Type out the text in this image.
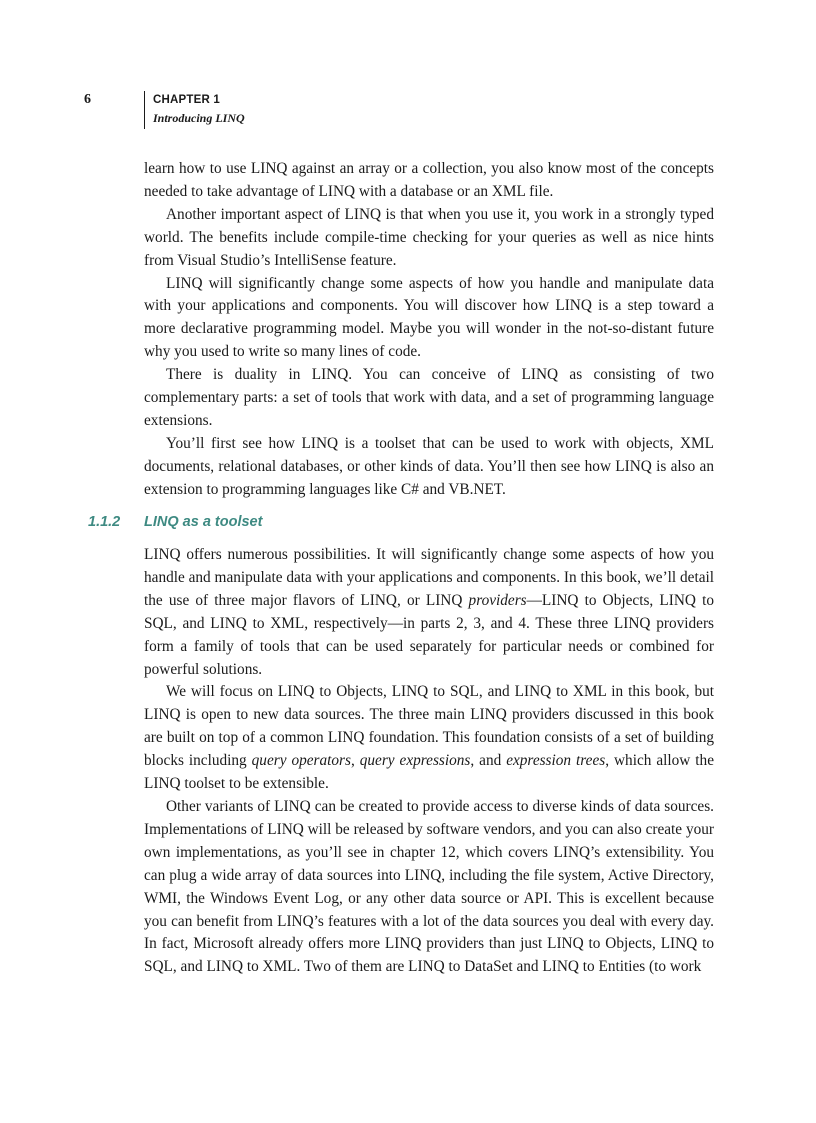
6	CHAPTER 1
Introducing LINQ

learn how to use LINQ against an array or a collection, you also know most of the concepts needed to take advantage of LINQ with a database or an XML file.

Another important aspect of LINQ is that when you use it, you work in a strongly typed world. The benefits include compile-time checking for your queries as well as nice hints from Visual Studio’s IntelliSense feature.

LINQ will significantly change some aspects of how you handle and manipulate data with your applications and components. You will discover how LINQ is a step toward a more declarative programming model. Maybe you will wonder in the not-so-distant future why you used to write so many lines of code.

There is duality in LINQ. You can conceive of LINQ as consisting of two complementary parts: a set of tools that work with data, and a set of programming language extensions.

You’ll first see how LINQ is a toolset that can be used to work with objects, XML documents, relational databases, or other kinds of data. You’ll then see how LINQ is also an extension to programming languages like C# and VB.NET.

1.1.2 LINQ as a toolset

LINQ offers numerous possibilities. It will significantly change some aspects of how you handle and manipulate data with your applications and components. In this book, we’ll detail the use of three major flavors of LINQ, or LINQ providers—LINQ to Objects, LINQ to SQL, and LINQ to XML, respectively—in parts 2, 3, and 4. These three LINQ providers form a family of tools that can be used separately for particular needs or combined for powerful solutions.

We will focus on LINQ to Objects, LINQ to SQL, and LINQ to XML in this book, but LINQ is open to new data sources. The three main LINQ providers discussed in this book are built on top of a common LINQ foundation. This foundation consists of a set of building blocks including query operators, query expressions, and expression trees, which allow the LINQ toolset to be extensible.

Other variants of LINQ can be created to provide access to diverse kinds of data sources. Implementations of LINQ will be released by software vendors, and you can also create your own implementations, as you’ll see in chapter 12, which covers LINQ’s extensibility. You can plug a wide array of data sources into LINQ, including the file system, Active Directory, WMI, the Windows Event Log, or any other data source or API. This is excellent because you can benefit from LINQ’s features with a lot of the data sources you deal with every day. In fact, Microsoft already offers more LINQ providers than just LINQ to Objects, LINQ to SQL, and LINQ to XML. Two of them are LINQ to DataSet and LINQ to Entities (to work
